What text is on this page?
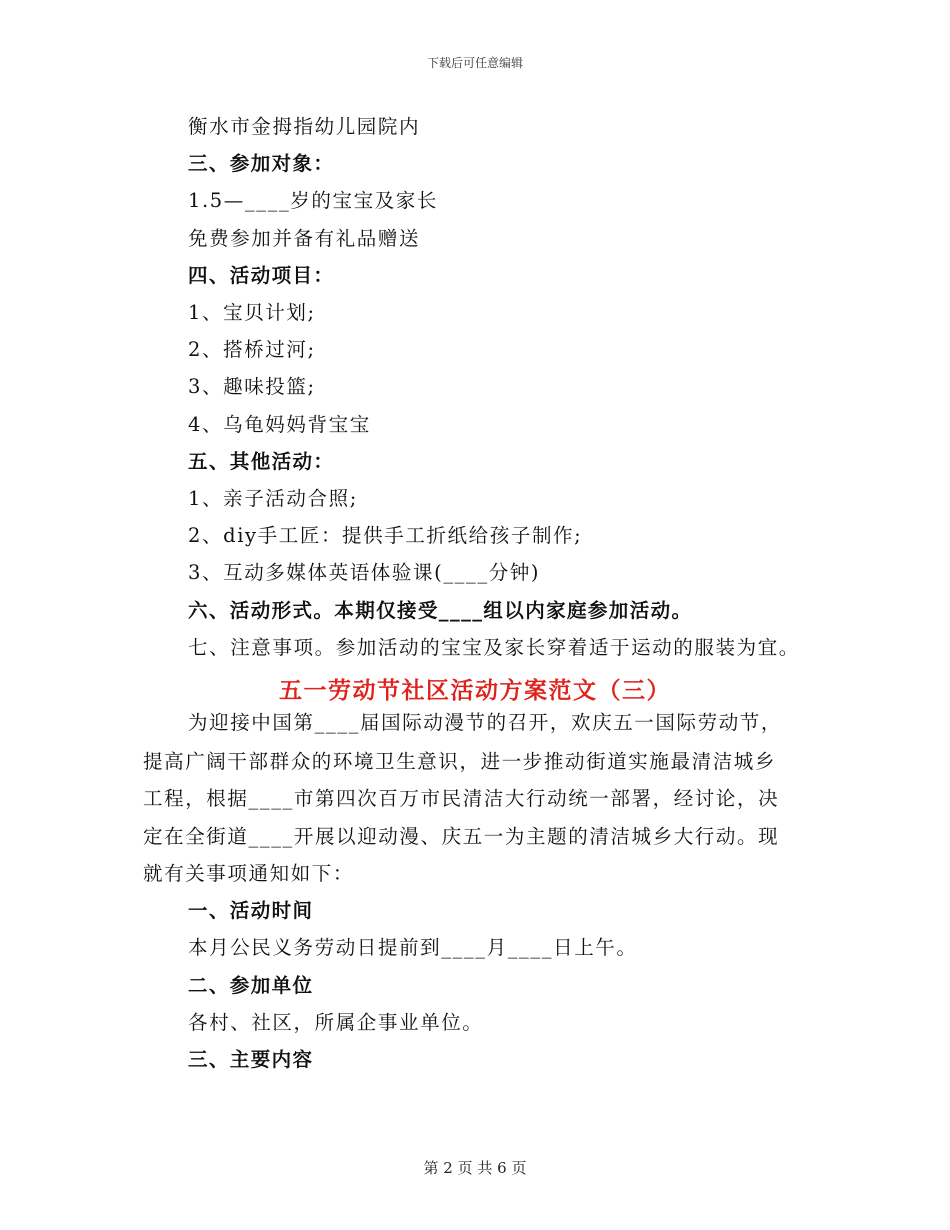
下载后可任意编辑
衡水市金拇指幼儿园院内
三、参加对象：
1.5—____岁的宝宝及家长
免费参加并备有礼品赠送
四、活动项目：
1、宝贝计划;
2、搭桥过河;
3、趣味投篮;
4、乌龟妈妈背宝宝
五、其他活动：
1、亲子活动合照;
2、diy手工匠：提供手工折纸给孩子制作;
3、互动多媒体英语体验课(____分钟)
六、活动形式。本期仅接受____组以内家庭参加活动。
七、注意事项。参加活动的宝宝及家长穿着适于运动的服装为宜。
五一劳动节社区活动方案范文（三）
为迎接中国第____届国际动漫节的召开，欢庆五一国际劳动节，
提高广阔干部群众的环境卫生意识，进一步推动街道实施最清洁城乡
工程，根据____市第四次百万市民清洁大行动统一部署，经讨论，决
定在全街道____开展以迎动漫、庆五一为主题的清洁城乡大行动。现
就有关事项通知如下：
一、活动时间
本月公民义务劳动日提前到____月____日上午。
二、参加单位
各村、社区，所属企事业单位。
三、主要内容
第 2 页 共 6 页
